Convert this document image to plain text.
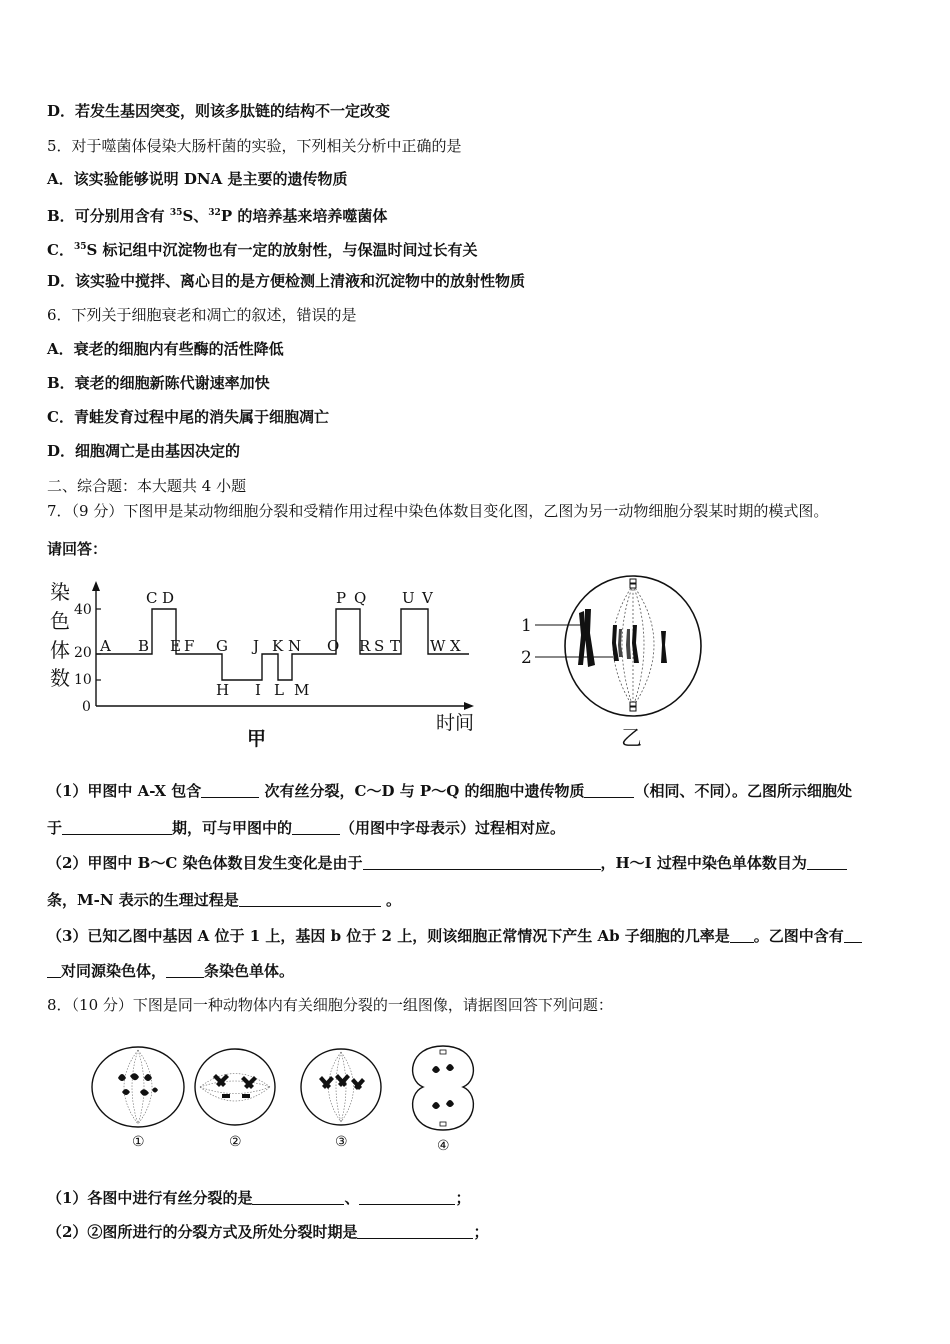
D．若发生基因突变，则该多肽链的结构不一定改变
5．对于噬菌体侵染大肠杆菌的实验，下列相关分析中正确的是
A．该实验能够说明 DNA 是主要的遗传物质
B．可分别用含有 $^{35}$S、$^{32}$P 的培养基来培养噬菌体
C．$^{35}$S 标记组中沉淀物也有一定的放射性，与保温时间过长有关
D．该实验中搅拌、离心目的是方便检测上清液和沉淀物中的放射性物质
6．下列关于细胞衰老和凋亡的叙述，错误的是
A．衰老的细胞内有些酶的活性降低
B．衰老的细胞新陈代谢速率加快
C．青蛙发育过程中尾的消失属于细胞凋亡
D．细胞凋亡是由基因决定的
二、综合题：本大题共 4 小题
7．（9 分）下图甲是某动物细胞分裂和受精作用过程中染色体数目变化图，乙图为另一动物细胞分裂某时期的模式图。
请回答：
染
色
体
数
40
20
10
0
A B E F G J K N O R S T W X
C D	P Q U V
H I L M
时间
甲
1
2
乙
（1）甲图中 A-X 包含	次有丝分裂，C～D 与 P～Q 的细胞中遗传物质	（相同、不同）。乙图所示细胞处
于	期，可与甲图中的	（用图中字母表示）过程相对应。
（2）甲图中 B～C 染色体数目发生变化是由于	，H～I 过程中染色单体数目为
条，M-N 表示的生理过程是	。
（3）已知乙图中基因 A 位于 1 上，基因 b 位于 2 上，则该细胞正常情况下产生 Ab 子细胞的几率是 。乙图中含有
对同源染色体，	条染色单体。
8．（10 分）下图是同一种动物体内有关细胞分裂的一组图像，请据图回答下列问题：
①	②	③	④
（1）各图中进行有丝分裂的是	、	；
（2）②图所进行的分裂方式及所处分裂时期是	；
